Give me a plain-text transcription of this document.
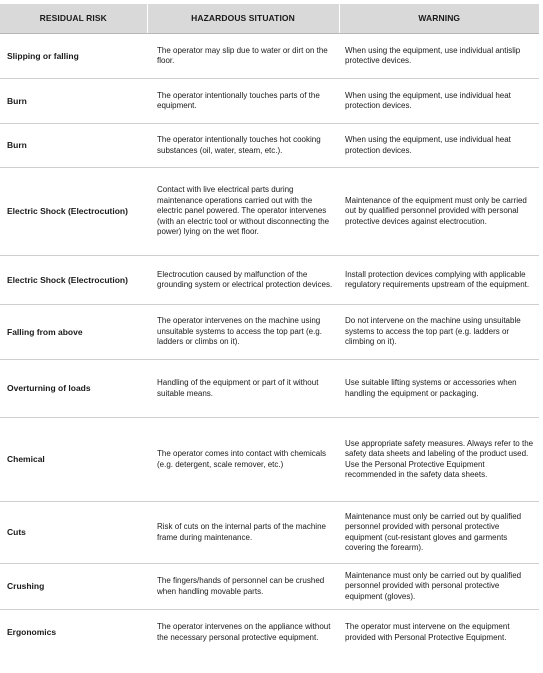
RESIDUAL RISK	HAZARDOUS SITUATION	WARNING
Slipping or falling	The operator may slip due to water or dirt on the floor.	When using the equipment, use individual antislip protective devices.
Burn	The operator intentionally touches parts of the equipment.	When using the equipment, use individual heat protection devices.
Burn	The operator intentionally touches hot cooking substances (oil, water, steam, etc.).	When using the equipment, use individual heat protection devices.
Electric Shock (Electrocution)	Contact with live electrical parts during maintenance operations carried out with the electric panel powered. The operator intervenes (with an electric tool or without disconnecting the power) lying on the wet floor.	Maintenance of the equipment must only be carried out by qualified personnel provided with personal protective devices against electrocution.
Electric Shock (Electrocution)	Electrocution caused by malfunction of the grounding system or electrical protection devices.	Install protection devices complying with applicable regulatory requirements upstream of the equipment.
Falling from above	The operator intervenes on the machine using unsuitable systems to access the top part (e.g. ladders or climbs on it).	Do not intervene on the machine using unsuitable systems to access the top part (e.g. ladders or climbing on it).
Overturning of loads	Handling of the equipment or part of it without suitable means.	Use suitable lifting systems or accessories when handling the equipment or packaging.
Chemical	The operator comes into contact with chemicals (e.g. detergent, scale remover, etc.)	Use appropriate safety measures. Always refer to the safety data sheets and labeling of the product used. Use the Personal Protective Equipment recommended in the safety data sheets.
Cuts	Risk of cuts on the internal parts of the machine frame during maintenance.	Maintenance must only be carried out by qualified personnel provided with personal protective equipment (cut-resistant gloves and garments covering the forearm).
Crushing	The fingers/hands of personnel can be crushed when handling movable parts.	Maintenance must only be carried out by qualified personnel provided with personal protective equipment (gloves).
Ergonomics	The operator intervenes on the appliance without the necessary personal protective equipment.	The operator must intervene on the equipment provided with Personal Protective Equipment.
